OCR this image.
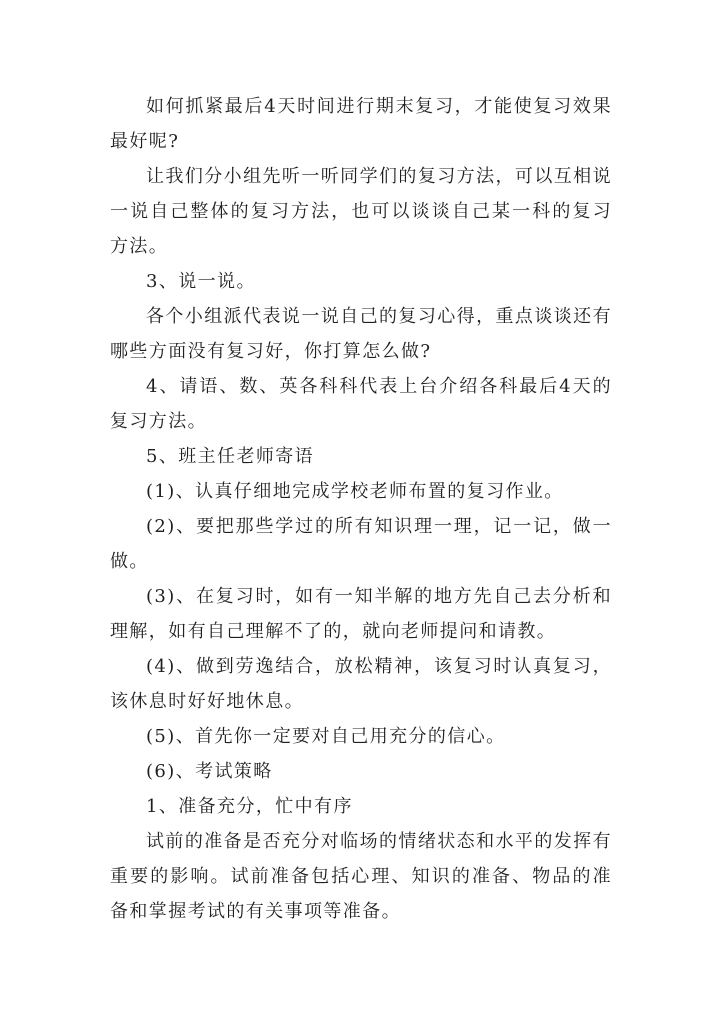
如何抓紧最后4天时间进行期末复习，才能使复习效果最好呢?

让我们分小组先听一听同学们的复习方法，可以互相说一说自己整体的复习方法，也可以谈谈自己某一科的复习方法。

3、说一说。

各个小组派代表说一说自己的复习心得，重点谈谈还有哪些方面没有复习好，你打算怎么做?

4、请语、数、英各科科代表上台介绍各科最后4天的复习方法。

5、班主任老师寄语

(1)、认真仔细地完成学校老师布置的复习作业。

(2)、要把那些学过的所有知识理一理，记一记，做一做。

(3)、在复习时，如有一知半解的地方先自己去分析和理解，如有自己理解不了的，就向老师提问和请教。

(4)、做到劳逸结合，放松精神，该复习时认真复习，该休息时好好地休息。

(5)、首先你一定要对自己用充分的信心。

(6)、考试策略

1、准备充分，忙中有序

试前的准备是否充分对临场的情绪状态和水平的发挥有重要的影响。试前准备包括心理、知识的准备、物品的准备和掌握考试的有关事项等准备。
